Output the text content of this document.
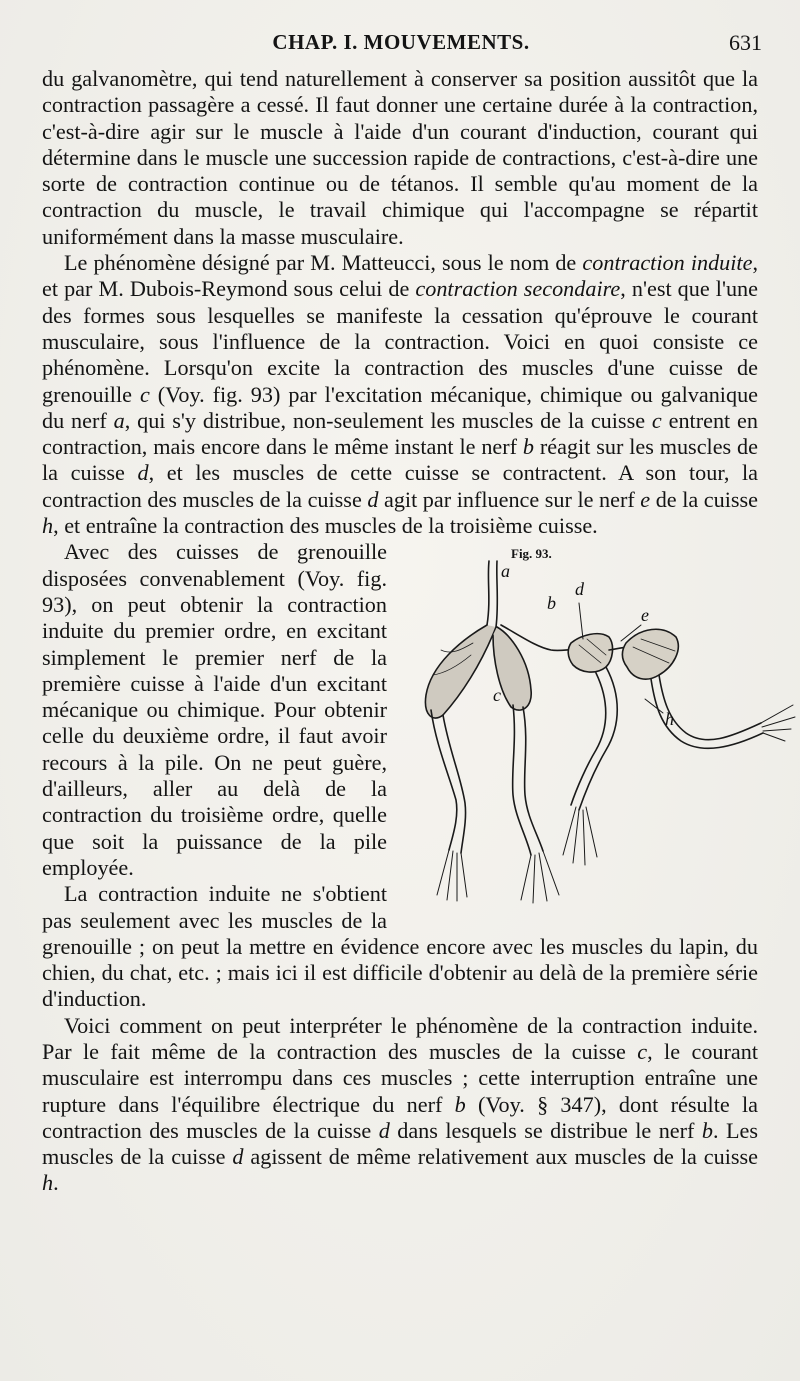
CHAP. I. MOUVEMENTS.	631

du galvanomètre, qui tend naturellement à conserver sa position aussitôt que la contraction passagère a cessé. Il faut donner une certaine durée à la contraction, c'est-à-dire agir sur le muscle à l'aide d'un courant d'induction, courant qui détermine dans le muscle une succession rapide de contractions, c'est-à-dire une sorte de contraction continue ou de tétanos. Il semble qu'au moment de la contraction du muscle, le travail chimique qui l'accompagne se répartit uniformément dans la masse musculaire.

Le phénomène désigné par M. Matteucci, sous le nom de contraction induite, et par M. Dubois-Reymond sous celui de contraction secondaire, n'est que l'une des formes sous lesquelles se manifeste la cessation qu'éprouve le courant musculaire, sous l'influence de la contraction. Voici en quoi consiste ce phénomène. Lorsqu'on excite la contraction des muscles d'une cuisse de grenouille c (Voy. fig. 93) par l'excitation mécanique, chimique ou galvanique du nerf a, qui s'y distribue, non-seulement les muscles de la cuisse c entrent en contraction, mais encore dans le même instant le nerf b réagit sur les muscles de la cuisse d, et les muscles de cette cuisse se contractent. A son tour, la contraction des muscles de la cuisse d agit par influence sur le nerf e de la cuisse h, et entraîne la contraction des muscles de la troisième cuisse.

Fig. 93.
a
b
d
e
c
h

Avec des cuisses de grenouille disposées convenablement (Voy. fig. 93), on peut obtenir la contraction induite du premier ordre, en excitant simplement le premier nerf de la première cuisse à l'aide d'un excitant mécanique ou chimique. Pour obtenir celle du deuxième ordre, il faut avoir recours à la pile. On ne peut guère, d'ailleurs, aller au delà de la contraction du troisième ordre, quelle que soit la puissance de la pile employée.

La contraction induite ne s'obtient pas seulement avec les muscles de la grenouille ; on peut la mettre en évidence encore avec les muscles du lapin, du chien, du chat, etc. ; mais ici il est difficile d'obtenir au delà de la première série d'induction.

Voici comment on peut interpréter le phénomène de la contraction induite. Par le fait même de la contraction des muscles de la cuisse c, le courant musculaire est interrompu dans ces muscles ; cette interruption entraîne une rupture dans l'équilibre électrique du nerf b (Voy. § 347), dont résulte la contraction des muscles de la cuisse d dans lesquels se distribue le nerf b. Les muscles de la cuisse d agissent de même relativement aux muscles de la cuisse h.
